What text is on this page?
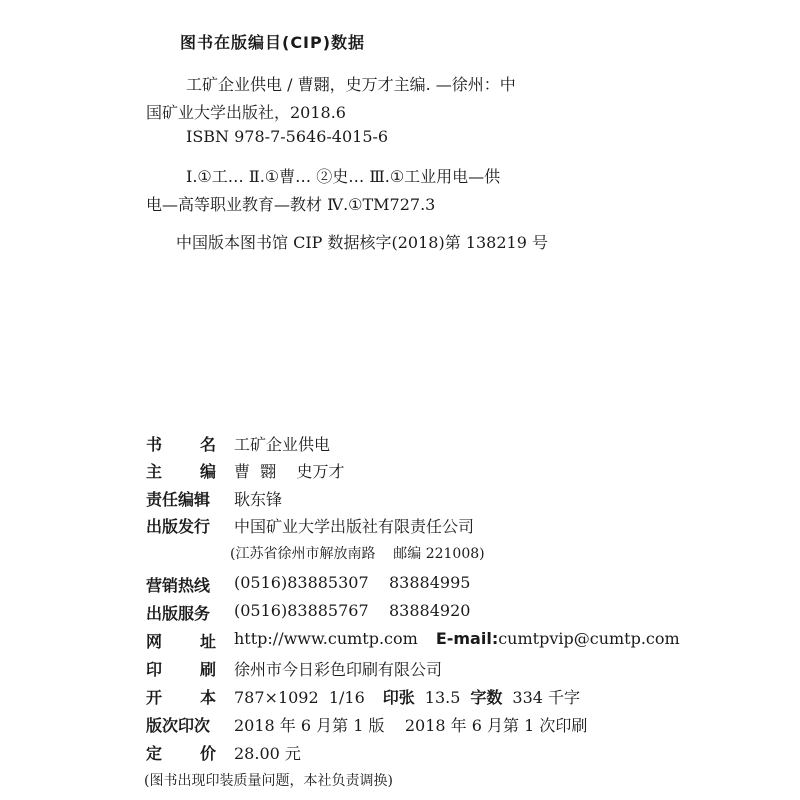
图书在版编目(CIP)数据
工矿企业供电 / 曹翾，史万才主编. —徐州：中
国矿业大学出版社，2018.6
ISBN 978-7-5646-4015-6
Ⅰ.①工… Ⅱ.①曹… ②史… Ⅲ.①工业用电—供
电—高等职业教育—教材 Ⅳ.①TM727.3
中国版本图书馆 CIP 数据核字(2018)第 138219 号
书 名 工矿企业供电
主 编 曹  翾    史万才
责任编辑	耿东锋
出版发行	中国矿业大学出版社有限责任公司
(江苏省徐州市解放南路    邮编 221008)
营销热线	(0516)83885307    83884995
出版服务	(0516)83885767    83884920
网 址 http://www.cumtp.com E-mail:cumtpvip@cumtp.com
印 刷 徐州市今日彩色印刷有限公司
开 本 787×1092  1/16 印张 13.5 字数 334 千字
版次印次	2018 年 6 月第 1 版    2018 年 6 月第 1 次印刷
定 价 28.00 元
(图书出现印装质量问题，本社负责调换)
